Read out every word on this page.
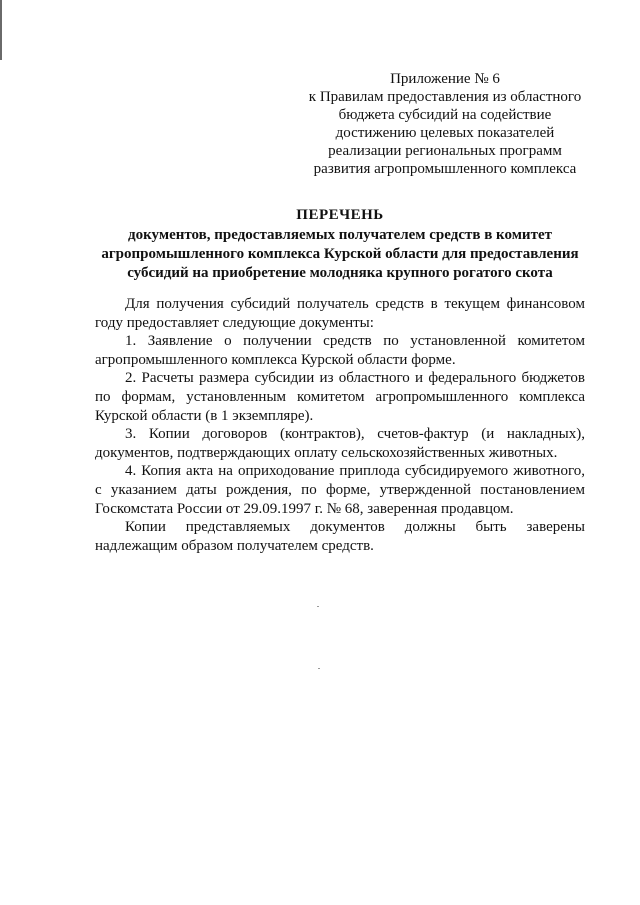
Приложение № 6
к Правилам предоставления из областного
бюджета субсидий на содействие
достижению целевых показателей
реализации региональных программ
развития агропромышленного комплекса
ПЕРЕЧЕНЬ
документов, предоставляемых получателем средств в комитет
агропромышленного комплекса Курской области для предоставления
субсидий на приобретение молодняка крупного рогатого скота

Для получения субсидий получатель средств в текущем финансовом году предоставляет следующие документы:

1. Заявление о получении средств по установленной комитетом агропромышленного комплекса Курской области форме.

2. Расчеты размера субсидии из областного и федерального бюджетов по формам, установленным комитетом агропромышленного комплекса Курской области (в 1 экземпляре).

3. Копии договоров (контрактов), счетов-фактур (и накладных), документов, подтверждающих оплату сельскохозяйственных животных.

4. Копия акта на оприходование приплода субсидируемого животного, с указанием даты рождения, по форме, утвержденной постановлением Госкомстата России от 29.09.1997 г. № 68, заверенная продавцом.

Копии представляемых документов должны быть заверены надлежащим образом получателем средств.
